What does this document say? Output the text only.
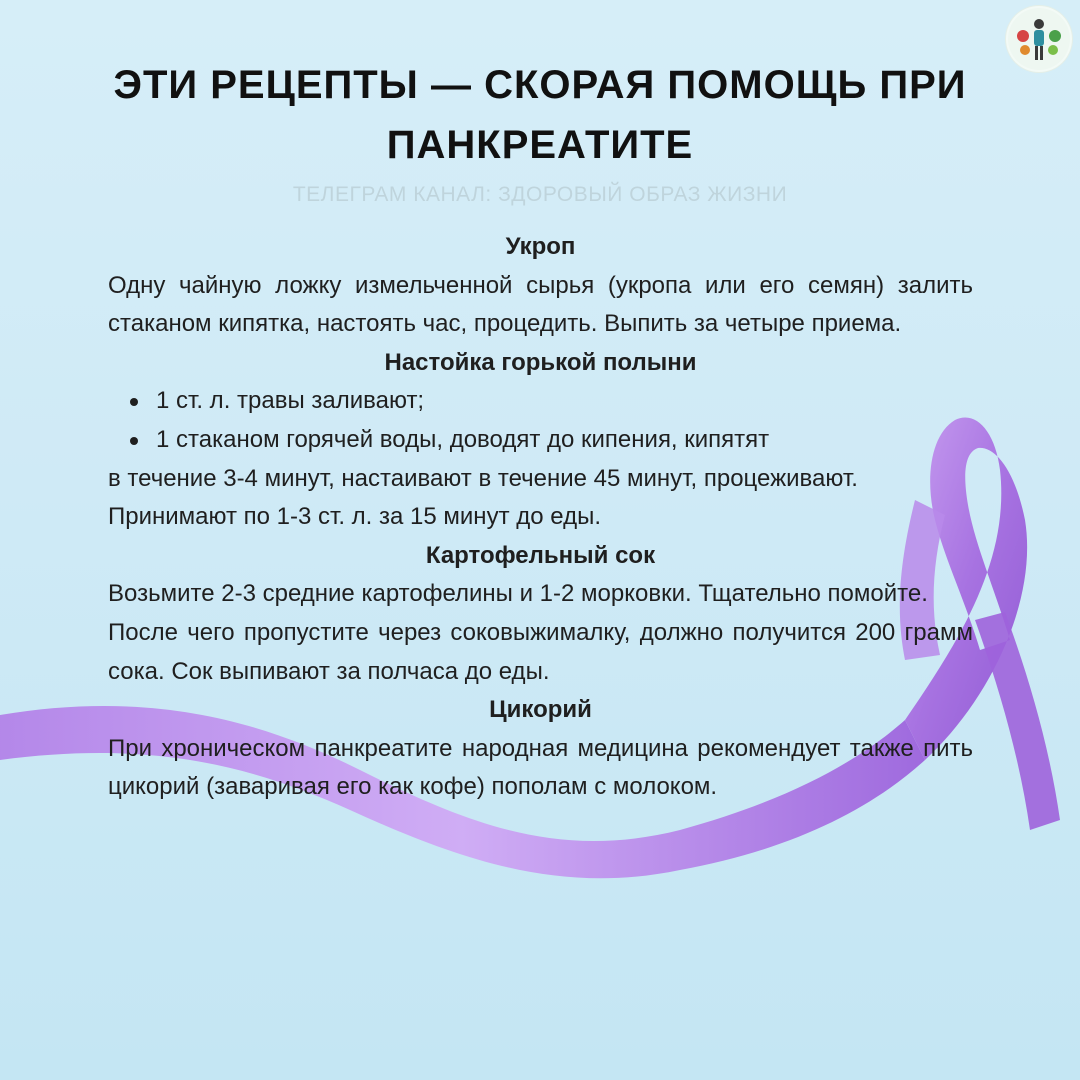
ЭТИ РЕЦЕПТЫ — СКОРАЯ ПОМОЩЬ ПРИ ПАНКРЕАТИТЕ

ТЕЛЕГРАМ КАНАЛ: ЗДОРОВЫЙ ОБРАЗ ЖИЗНИ

Укроп

Одну чайную ложку измельченной сырья (укропа или его семян) залить стаканом кипятка, настоять час, процедить. Выпить за четыре приема.

Настойка горькой полыни

1 ст. л. травы заливают;
1 стаканом горячей воды, доводят до кипения, кипятят

в течение 3-4 минут, настаивают в течение 45 минут, процеживают.

Принимают по 1-3 ст. л. за 15 минут до еды.

Картофельный сок

Возьмите 2-3 средние картофелины и 1-2 морковки. Тщательно помойте.

После чего пропустите через соковыжималку, должно получится 200 грамм сока. Сок выпивают за полчаса до еды.

Цикорий

При хроническом панкреатите народная медицина рекомендует также пить цикорий (заваривая его как кофе) пополам с молоком.
